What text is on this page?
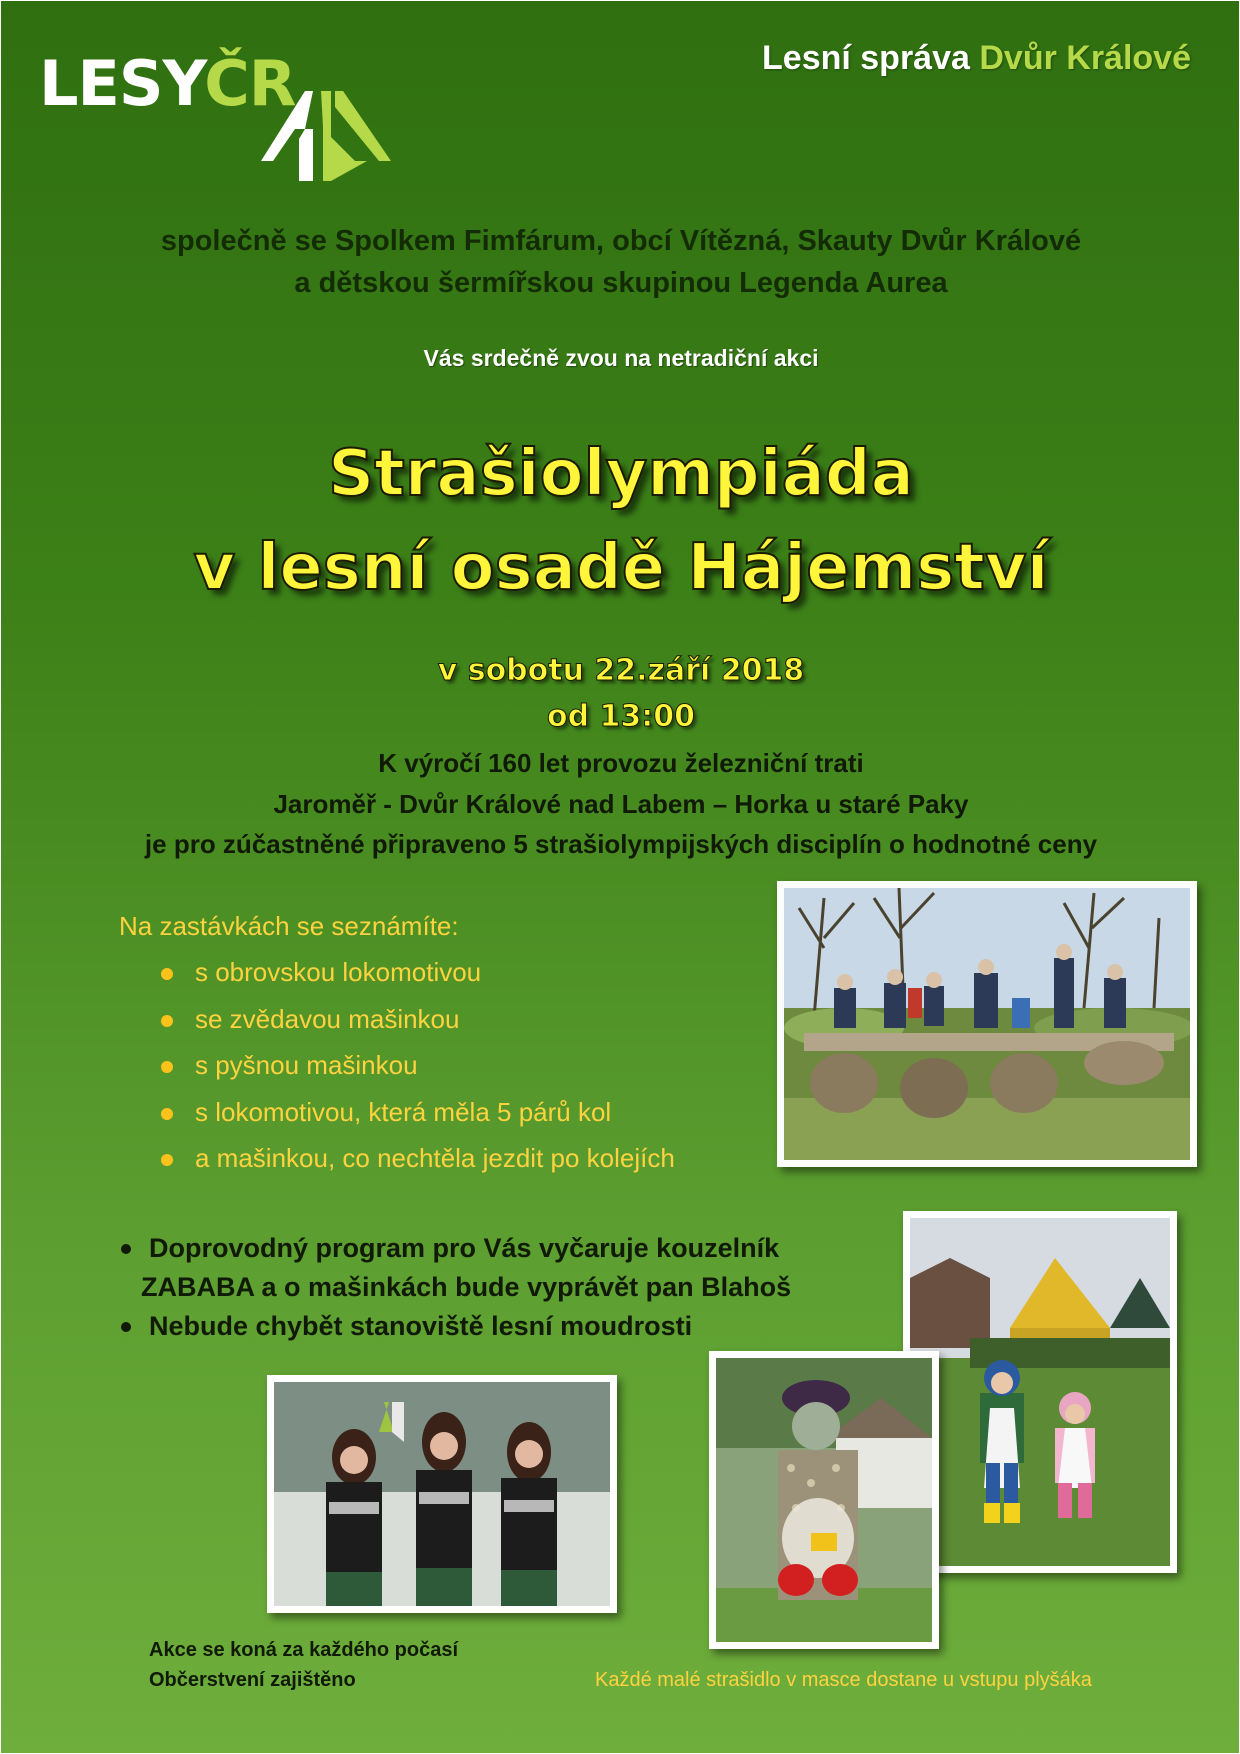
LESYČR	Lesní správa Dvůr Králové
společně se Spolkem Fimfárum, obcí Vítězná, Skauty Dvůr Králové
a dětskou šermířskou skupinou Legenda Aurea
Vás srdečně zvou na netradiční akci
Strašiolympiáda
v lesní osadě Hájemství
v sobotu 22.září 2018
od 13:00
K výročí 160 let provozu železniční trati
Jaroměř - Dvůr Králové nad Labem – Horka u staré Paky
je pro zúčastněné připraveno 5 strašiolympijských disciplín o hodnotné ceny
Na zastávkách se seznámíte:
s obrovskou lokomotivou
se zvědavou mašinkou
s pyšnou mašinkou
s lokomotivou, která měla 5 párů kol
a mašinkou, co nechtěla jezdit po kolejích
Doprovodný program pro Vás vyčaruje kouzelník
ZABABA a o mašinkách bude vyprávět pan Blahoš
Nebude chybět stanoviště lesní moudrosti
Akce se koná za každého počasí
Občerstvení zajištěno	Každé malé strašidlo v masce dostane u vstupu plyšáka
